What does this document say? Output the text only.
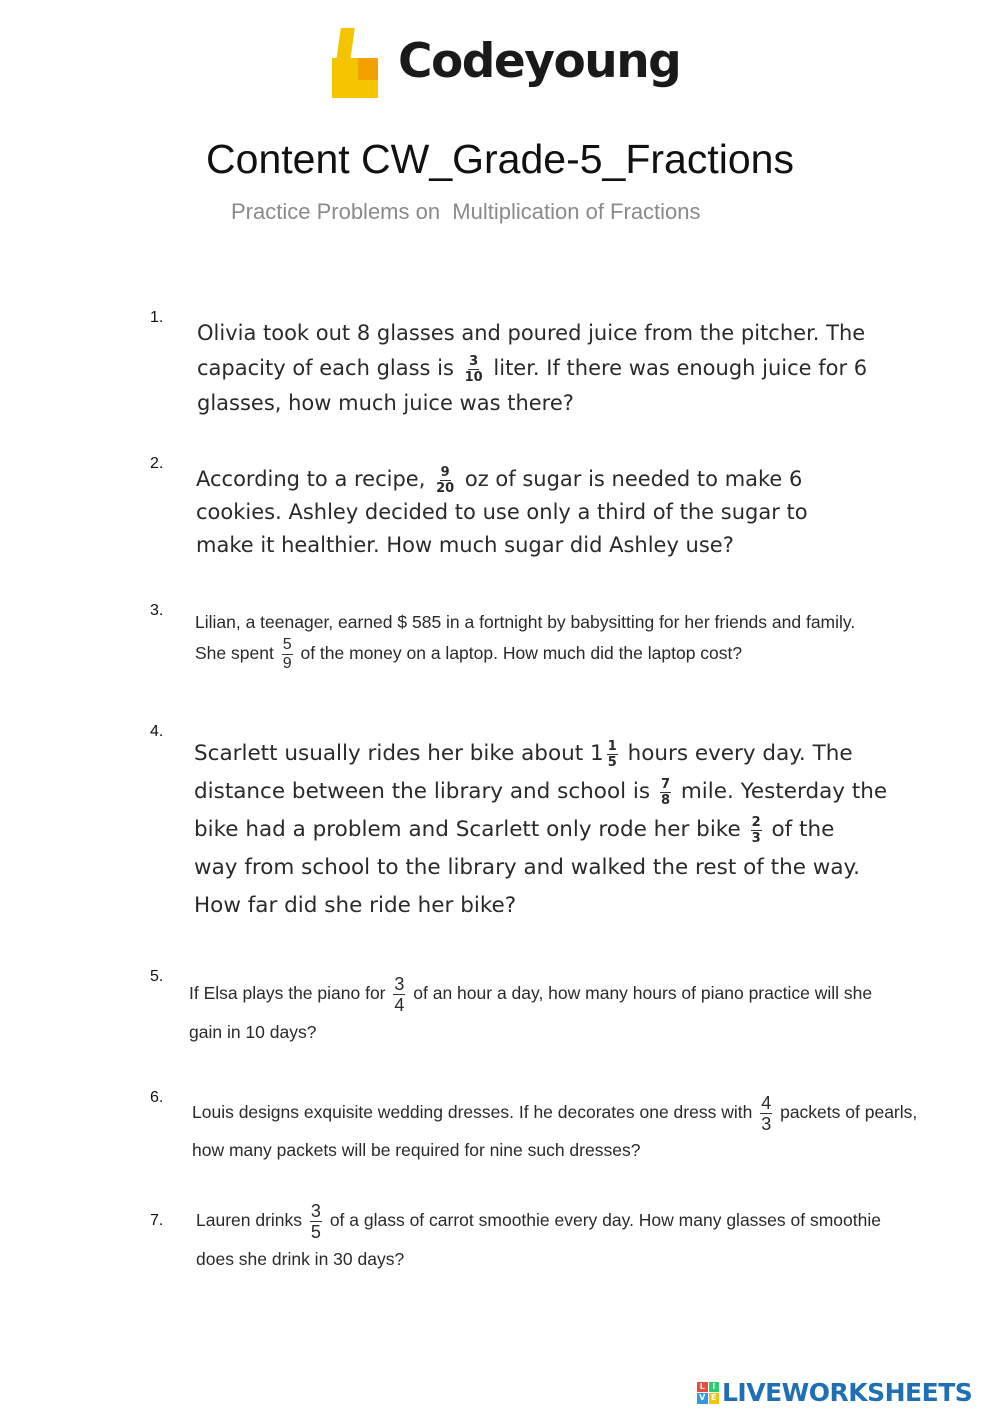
Codeyoung
Content CW_Grade-5_Fractions
Practice Problems on  Multiplication of Fractions
1.
Olivia took out 8 glasses and poured juice from the pitcher. The
capacity of each glass is $\frac{3}{10}$ liter. If there was enough juice for 6
glasses, how much juice was there?
2.
According to a recipe, $\frac{9}{20}$ oz of sugar is needed to make 6
cookies. Ashley decided to use only a third of the sugar to
make it healthier. How much sugar did Ashley use?
3.
Lilian, a teenager, earned $ 585 in a fortnight by babysitting for her friends and family.
She spent $\frac{5}{9}$ of the money on a laptop. How much did the laptop cost?
4.
Scarlett usually rides her bike about $1 \frac{1}{5}$ hours every day. The
distance between the library and school is $\frac{7}{8}$ mile. Yesterday the
bike had a problem and Scarlett only rode her bike $\frac{2}{3}$ of the
way from school to the library and walked the rest of the way.
How far did she ride her bike?
5.
If Elsa plays the piano for $\frac{3}{4}$ of an hour a day, how many hours of piano practice will she
gain in 10 days?
6.
Louis designs exquisite wedding dresses. If he decorates one dress with $\frac{4}{3}$ packets of pearls,
how many packets will be required for nine such dresses?
7. Lauren drinks $\frac{3}{5}$ of a glass of carrot smoothie every day. How many glasses of smoothie
does she drink in 30 days?
L I
V E LIVEWORKSHEETS
